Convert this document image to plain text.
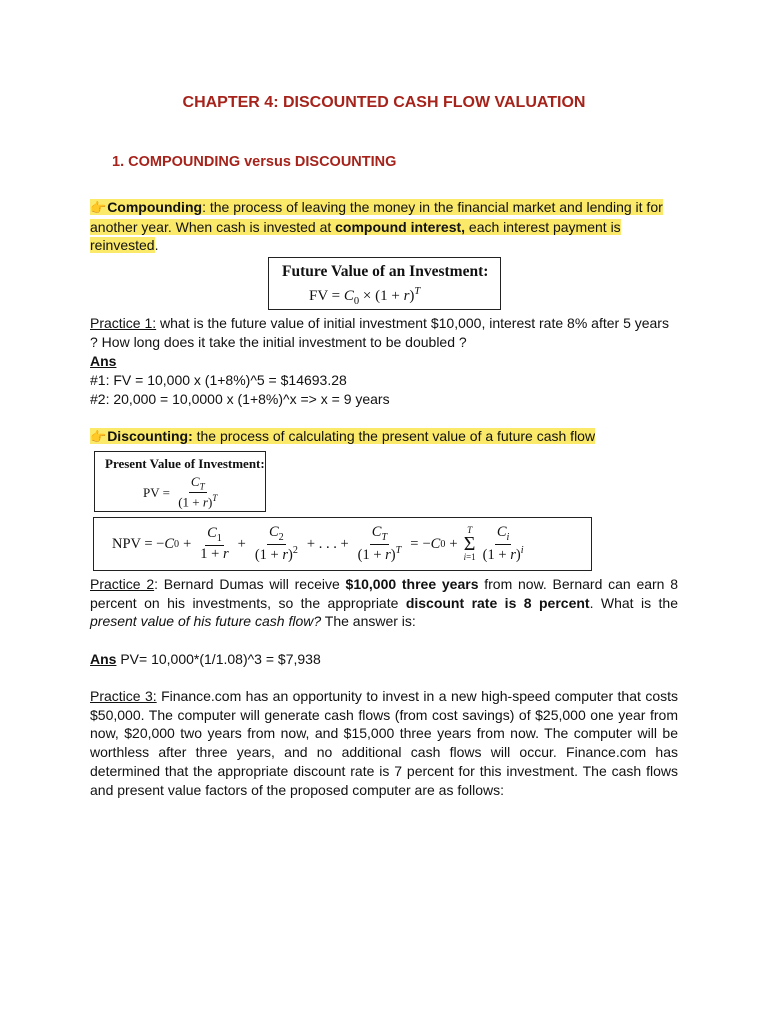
CHAPTER 4: DISCOUNTED CASH FLOW VALUATION
1. COMPOUNDING versus DISCOUNTING
👉Compounding: the process of leaving the money in the financial market and lending it for another year. When cash is invested at compound interest, each interest payment is reinvested.
Future Value of an Investment:
FV = $C_0 \times (1 + r)^T$
Practice 1: what is the future value of initial investment $10,000, interest rate 8% after 5 years ? How long does it take the initial investment to be doubled ?
Ans
#1: FV = 10,000 x (1+8%)^5 = $14693.28
#2: 20,000 = 10,0000 x (1+8%)^x => x = 9 years
👉Discounting: the process of calculating the present value of a future cash flow
Present Value of Investment:
PV = $\frac{C_T}{(1 + r)^T}$
NPV = − C $0 + \frac{C_1}{1 + r} + \frac{C_2}{(1 + r)^2}$ + . . . + $\frac{C_T}{(1 + r)^T}$ = − C 0 +
T
Σ
$i=1 \frac{C_i}{(1 + r)^i}$
Practice 2: Bernard Dumas will receive $10,000 three years from now. Bernard can earn 8 percent on his investments, so the appropriate discount rate is 8 percent. What is the present value of his future cash flow? The answer is:
Ans PV= 10,000*(1/1.08)^3 = $7,938
Practice 3: Finance.com has an opportunity to invest in a new high-speed computer that costs $50,000. The computer will generate cash flows (from cost savings) of $25,000 one year from now, $20,000 two years from now, and $15,000 three years from now. The computer will be worthless after three years, and no additional cash flows will occur. Finance.com has determined that the appropriate discount rate is 7 percent for this investment. The cash flows and present value factors of the proposed computer are as follows:
